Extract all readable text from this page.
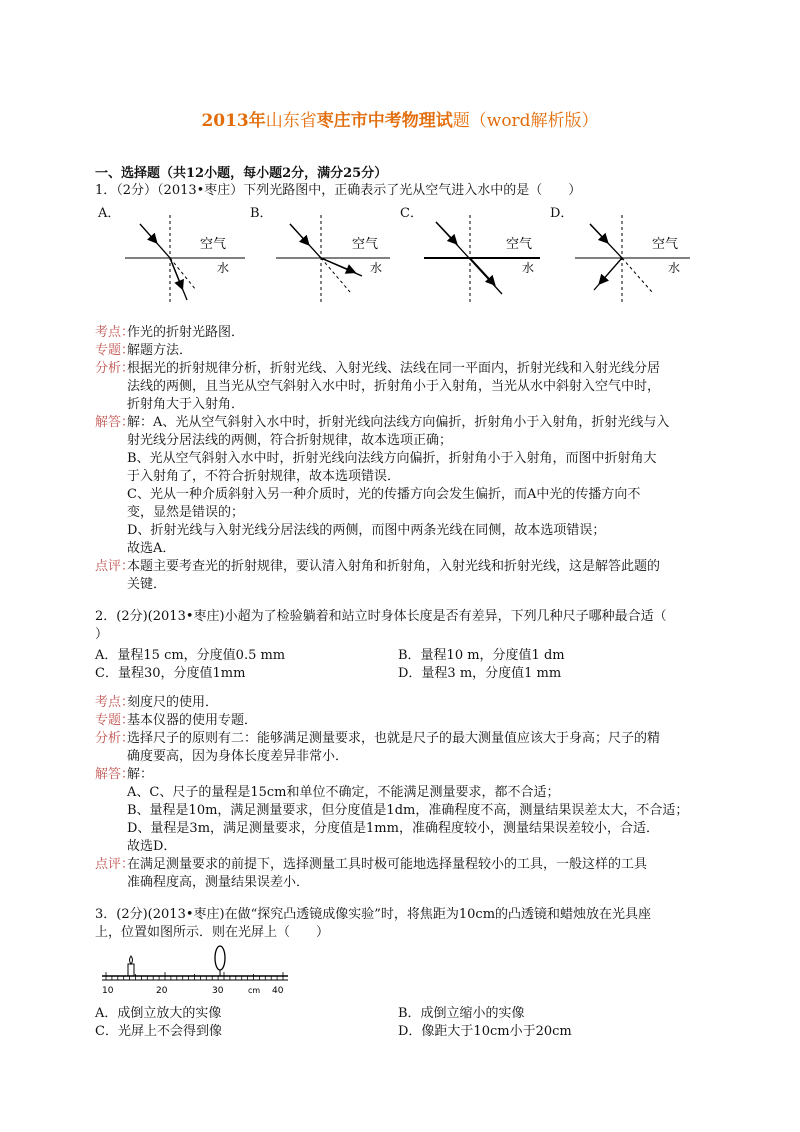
2013年山东省枣庄市中考物理试题（word解析版）
一、选择题（共12小题，每小题2分，满分25分）
1．（2分）（2013•枣庄）下列光路图中，正确表示了光从空气进入水中的是（　　）
A．	B．	C．	D．
空气
水
空气
水
空气
水
空气
水
考点：作光的折射光路图．
专题：解题方法．
分析：根据光的折射规律分析，折射光线、入射光线、法线在同一平面内，折射光线和入射光线分居
法线的两侧，且当光从空气斜射入水中时，折射角小于入射角，当光从水中斜射入空气中时，
折射角大于入射角．
解答：解：A、光从空气斜射入水中时，折射光线向法线方向偏折，折射角小于入射角，折射光线与入
射光线分居法线的两侧，符合折射规律，故本选项正确；
B、光从空气斜射入水中时，折射光线向法线方向偏折，折射角小于入射角，而图中折射角大
于入射角了，不符合折射规律，故本选项错误．
C、光从一种介质斜射入另一种介质时，光的传播方向会发生偏折，而A中光的传播方向不
变，显然是错误的；
D、折射光线与入射光线分居法线的两侧，而图中两条光线在同侧，故本选项错误；
故选A．
点评：本题主要考查光的折射规律，要认清入射角和折射角，入射光线和折射光线，这是解答此题的
关键．
2．(2分)(2013•枣庄)小超为了检验躺着和站立时身体长度是否有差异，下列几种尺子哪种最合适（
）
A．量程15 cm，分度值0.5 mm	B．量程10 m，分度值1 dm
C．量程30，分度值1mm	D．量程3 m，分度值1 mm
考点：刻度尺的使用．
专题：基本仪器的使用专题．
分析：选择尺子的原则有二：能够满足测量要求，也就是尺子的最大测量值应该大于身高；尺子的精
确度要高，因为身体长度差异非常小．
解答：解：
A、C、尺子的量程是15cm和单位不确定，不能满足测量要求，都不合适；
B、量程是10m，满足测量要求，但分度值是1dm，准确程度不高，测量结果误差太大，不合适；
D、量程是3m，满足测量要求，分度值是1mm，准确程度较小，测量结果误差较小，合适．
故选D．
点评：在满足测量要求的前提下，选择测量工具时极可能地选择量程较小的工具，一般这样的工具
准确程度高，测量结果误差小．
3．(2分)(2013•枣庄)在做“探究凸透镜成像实验”时，将焦距为10cm的凸透镜和蜡烛放在光具座
上，位置如图所示．则在光屏上（　　）
10	20	30	cm 40
A．成倒立放大的实像	B．成倒立缩小的实像
C．光屏上不会得到像	D．像距大于10cm小于20cm
